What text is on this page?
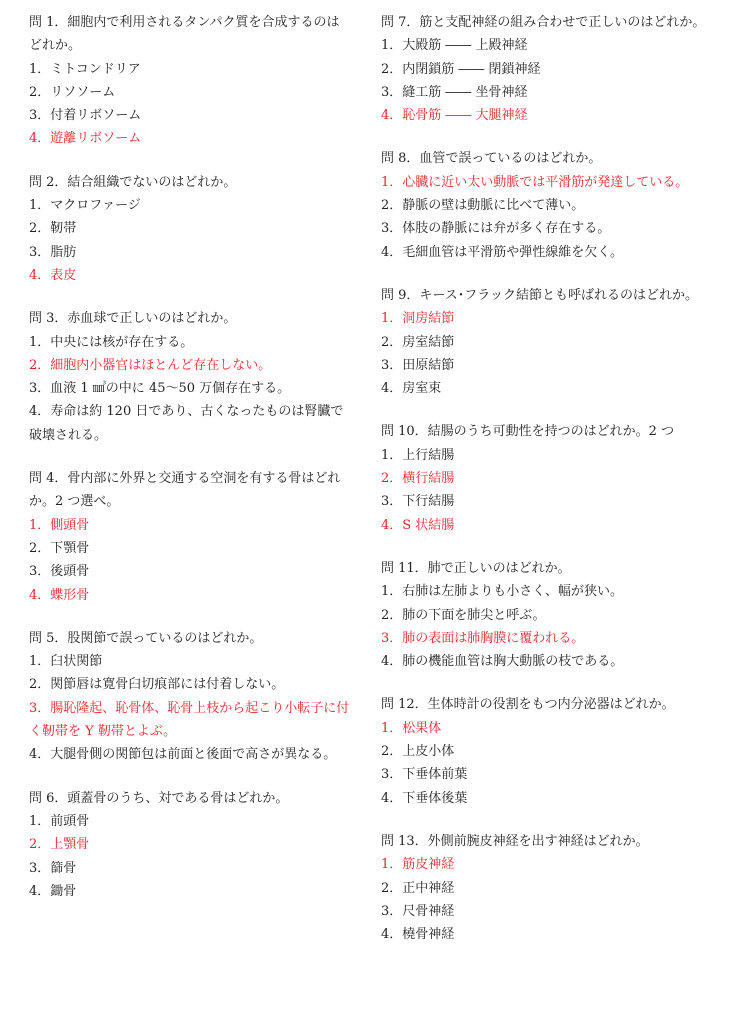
問 1．細胞内で利用されるタンパク質を合成するのは
どれか。
1．ミトコンドリア
2．リソソーム
3．付着リボソーム
4．遊離リボソーム
問 2．結合組織でないのはどれか。
1．マクロファージ
2．靭帯
3．脂肪
4．表皮
問 3．赤血球で正しいのはどれか。
1．中央には核が存在する。
2．細胞内小器官はほとんど存在しない。
3．血液 1 ㎣の中に 45～50 万個存在する。
4．寿命は約 120 日であり、古くなったものは腎臓で
破壊される。
問 4．骨内部に外界と交通する空洞を有する骨はどれ
か。2 つ選べ。
1．側頭骨
2．下顎骨
3．後頭骨
4．蝶形骨
問 5．股関節で誤っているのはどれか。
1．臼状関節
2．関節唇は寛骨臼切痕部には付着しない。
3．腸恥隆起、恥骨体、恥骨上枝から起こり小転子に付
く靭帯を Y 靭帯とよぶ。
4．大腿骨側の関節包は前面と後面で高さが異なる。
問 6．頭蓋骨のうち、対である骨はどれか。
1．前頭骨
2．上顎骨
3．篩骨
4．鋤骨
問 7．筋と支配神経の組み合わせで正しいのはどれか。
1．大殿筋 ―― 上殿神経
2．内閉鎖筋 ―― 閉鎖神経
3．縫工筋 ―― 坐骨神経
4．恥骨筋 ―― 大腿神経
問 8．血管で誤っているのはどれか。
1．心臓に近い太い動脈では平滑筋が発達している。
2．静脈の壁は動脈に比べて薄い。
3．体肢の静脈には弁が多く存在する。
4．毛細血管は平滑筋や弾性線維を欠く。
問 9．キース･フラック結節とも呼ばれるのはどれか。
1．洞房結節
2．房室結節
3．田原結節
4．房室束
問 10．結腸のうち可動性を持つのはどれか。2 つ
1．上行結腸
2．横行結腸
3．下行結腸
4．S 状結腸
問 11．肺で正しいのはどれか。
1．右肺は左肺よりも小さく、幅が狭い。
2．肺の下面を肺尖と呼ぶ。
3．肺の表面は肺胸膜に覆われる。
4．肺の機能血管は胸大動脈の枝である。
問 12．生体時計の役割をもつ内分泌器はどれか。
1．松果体
2．上皮小体
3．下垂体前葉
4．下垂体後葉
問 13．外側前腕皮神経を出す神経はどれか。
1．筋皮神経
2．正中神経
3．尺骨神経
4．橈骨神経
